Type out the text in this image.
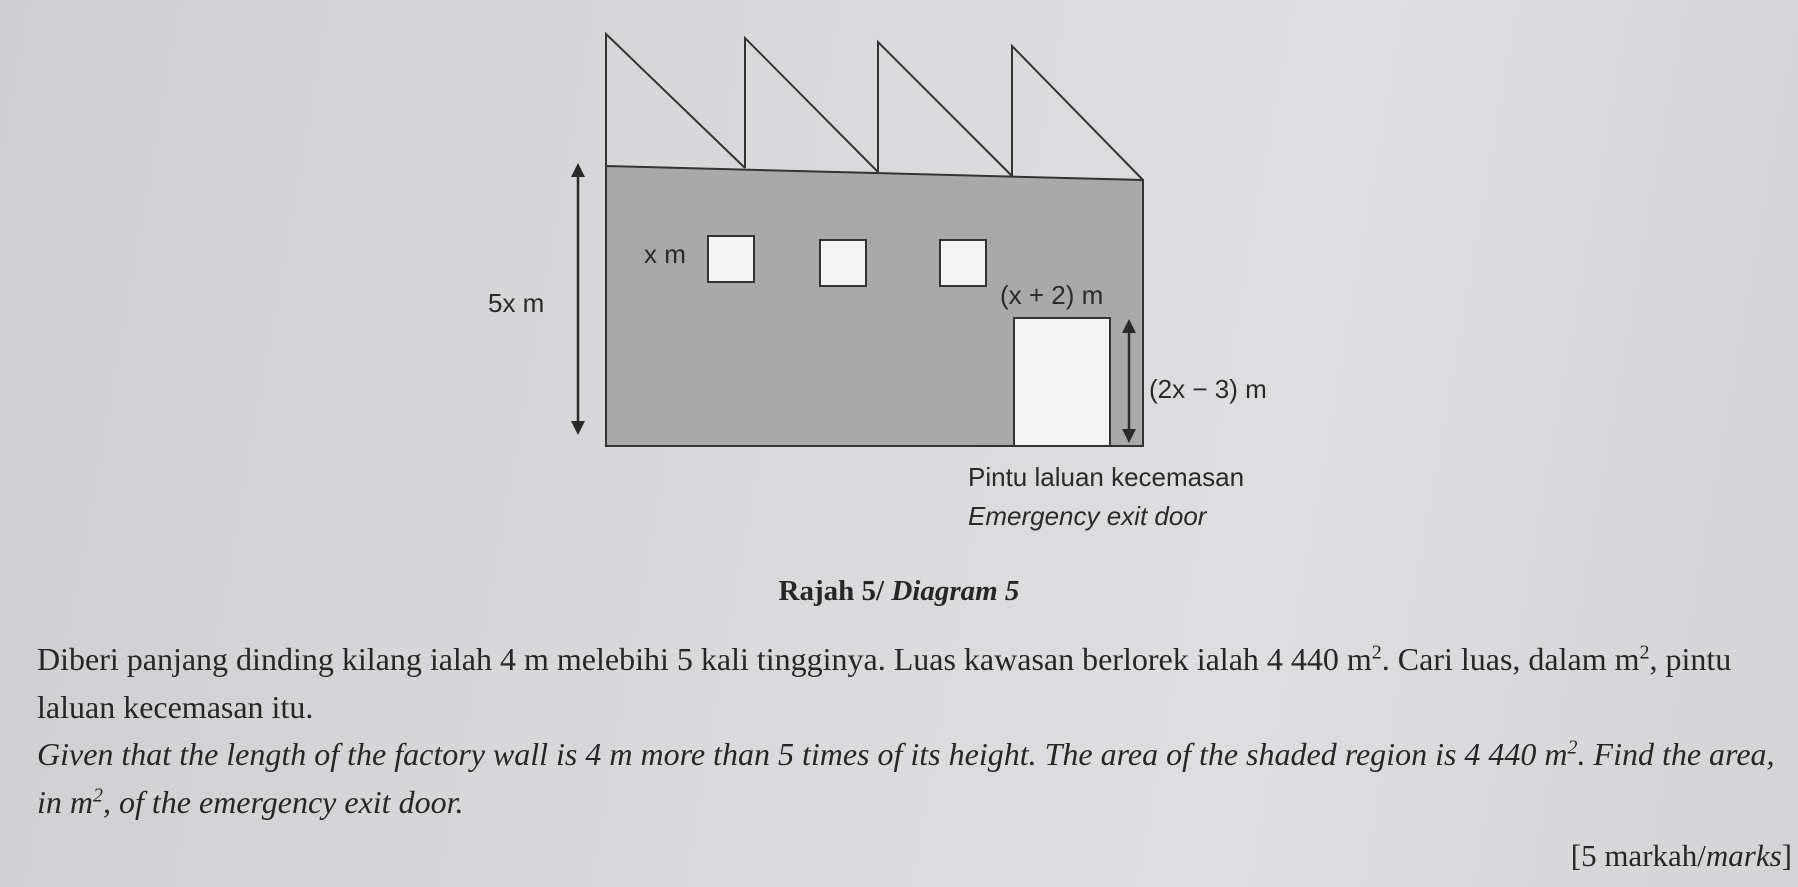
5x m
x m
(x + 2) m
(2x − 3) m
Pintu laluan kecemasan
Emergency exit door
Rajah 5/ Diagram 5
Diberi panjang dinding kilang ialah 4 m melebihi 5 kali tingginya. Luas kawasan berlorek ialah 4 440 $m^2$. Cari luas, dalam $m^2$, pintu laluan kecemasan itu.
Given that the length of the factory wall is 4 m more than 5 times of its height. The area of the shaded region is 4 440 $m^2$. Find the area, in $m^2$, of the emergency exit door.
[5 markah/marks]
